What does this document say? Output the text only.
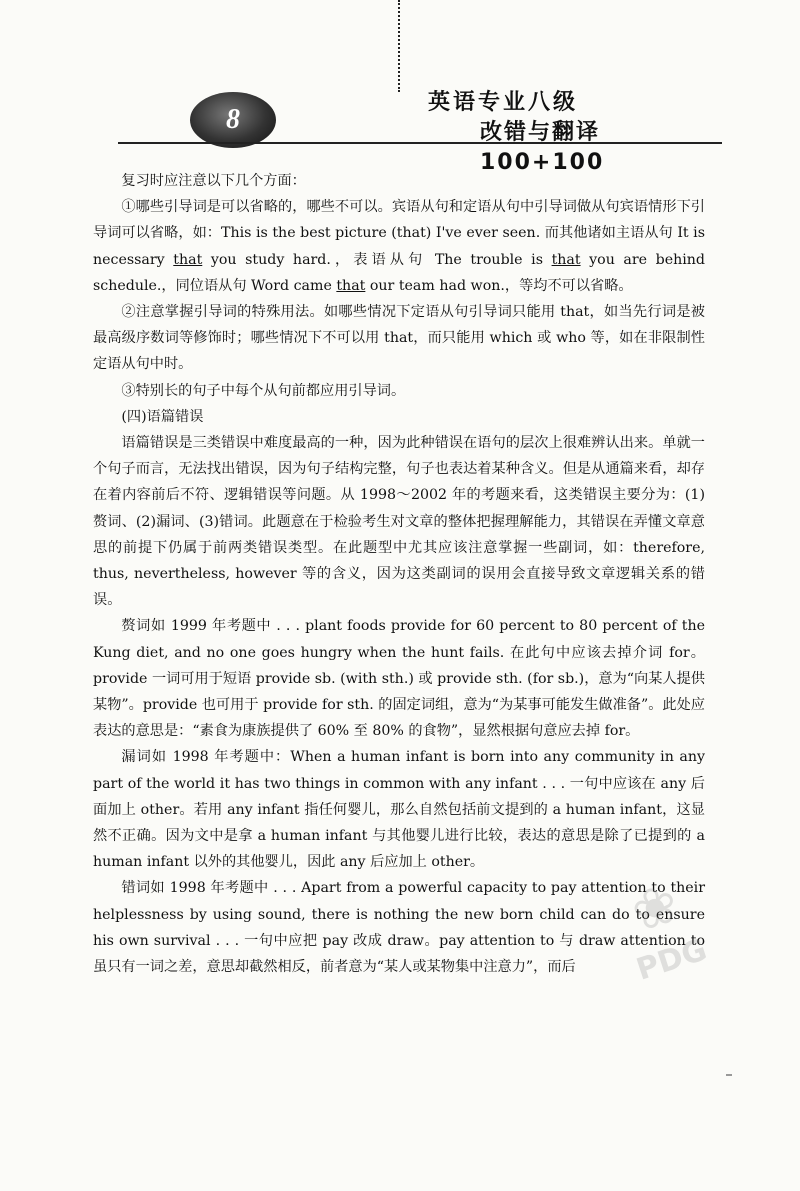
8
英语专业八级
改错与翻译 100+100

复习时应注意以下几个方面：

①哪些引导词是可以省略的，哪些不可以。宾语从句和定语从句中引导词做从句宾语情形下引导词可以省略，如：This is the best picture (that) I've ever seen. 而其他诸如主语从句 It is necessary that you study hard.，表语从句 The trouble is that you are behind schedule.，同位语从句 Word came that our team had won.，等均不可以省略。

②注意掌握引导词的特殊用法。如哪些情况下定语从句引导词只能用 that，如当先行词是被最高级序数词等修饰时；哪些情况下不可以用 that，而只能用 which 或 who 等，如在非限制性定语从句中时。

③特别长的句子中每个从句前都应用引导词。

(四)语篇错误

语篇错误是三类错误中难度最高的一种，因为此种错误在语句的层次上很难辨认出来。单就一个句子而言，无法找出错误，因为句子结构完整，句子也表达着某种含义。但是从通篇来看，却存在着内容前后不符、逻辑错误等问题。从 1998～2002 年的考题来看，这类错误主要分为：(1)赘词、(2)漏词、(3)错词。此题意在于检验考生对文章的整体把握理解能力，其错误在弄懂文章意思的前提下仍属于前两类错误类型。在此题型中尤其应该注意掌握一些副词，如：therefore, thus, nevertheless, however 等的含义，因为这类副词的误用会直接导致文章逻辑关系的错误。

赘词如 1999 年考题中 . . . plant foods provide for 60 percent to 80 percent of the Kung diet, and no one goes hungry when the hunt fails. 在此句中应该去掉介词 for。provide 一词可用于短语 provide sb. (with sth.) 或 provide sth. (for sb.)，意为“向某人提供某物”。provide 也可用于 provide for sth. 的固定词组，意为“为某事可能发生做准备”。此处应表达的意思是：“素食为康族提供了 60% 至 80% 的食物”，显然根据句意应去掉 for。

漏词如 1998 年考题中：When a human infant is born into any community in any part of the world it has two things in common with any infant . . . 一句中应该在 any 后面加上 other。若用 any infant 指任何婴儿，那么自然包括前文提到的 a human infant，这显然不正确。因为文中是拿 a human infant 与其他婴儿进行比较，表达的意思是除了已提到的 a human infant 以外的其他婴儿，因此 any 后应加上 other。

错词如 1998 年考题中 . . . Apart from a powerful capacity to pay attention to their helplessness by using sound, there is nothing the new born child can do to ensure his own survival . . . 一句中应把 pay 改成 draw。pay attention to 与 draw attention to 虽只有一词之差，意思却截然相反，前者意为“某人或某物集中注意力”，而后

❀
PDG
